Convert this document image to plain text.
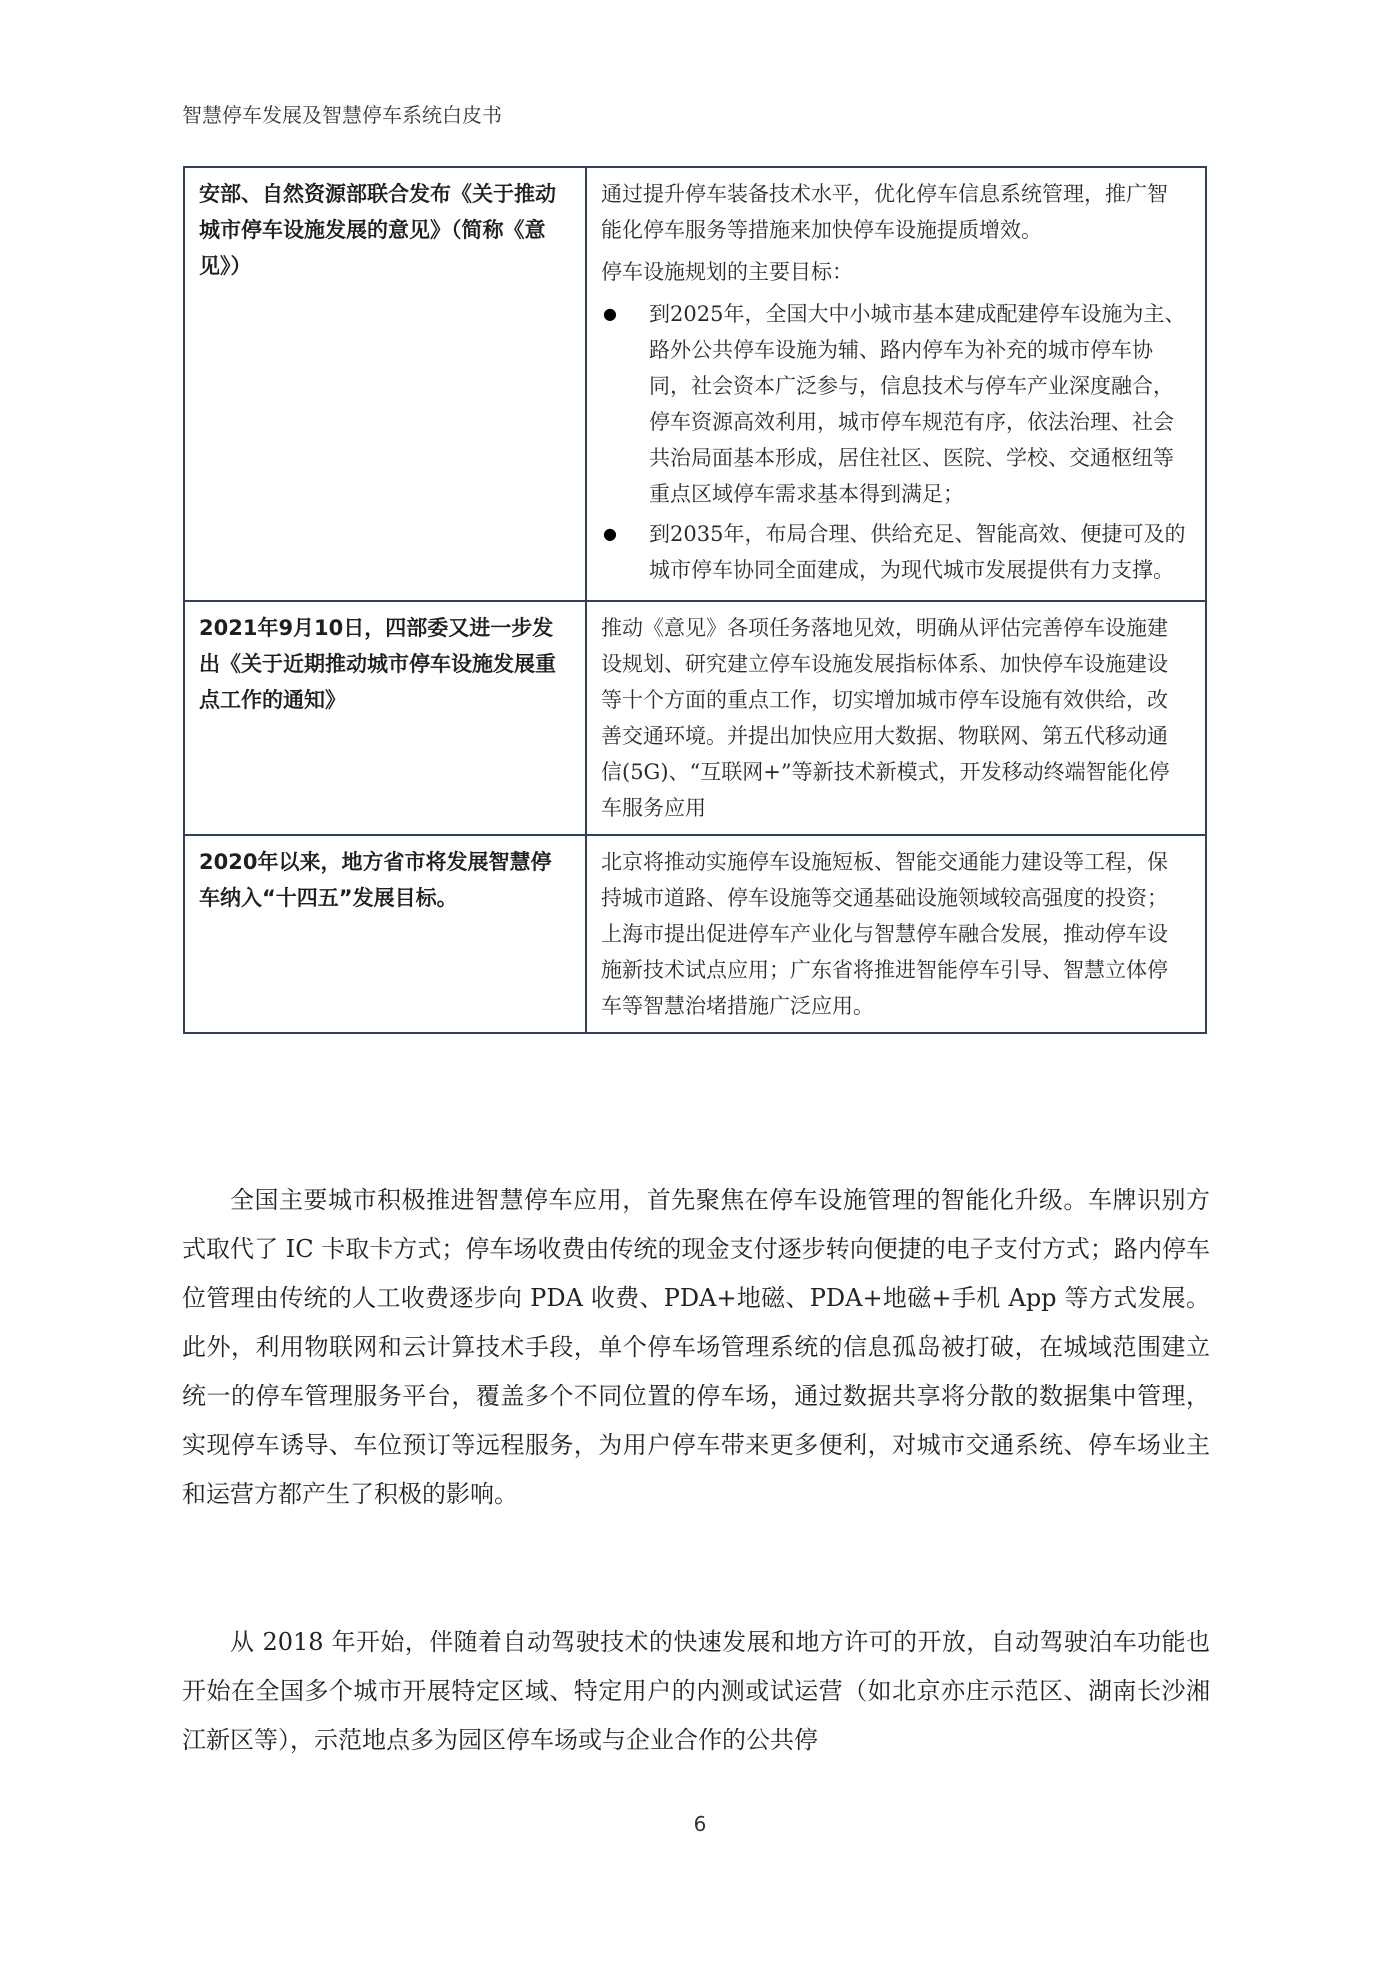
智慧停车发展及智慧停车系统白皮书
安部、自然资源部联合发布《关于推动城市停车设施发展的意见》（简称《意见》）

通过提升停车装备技术水平，优化停车信息系统管理，推广智能化停车服务等措施来加快停车设施提质增效。

停车设施规划的主要目标：

●	到2025年，全国大中小城市基本建成配建停车设施为主、路外公共停车设施为辅、路内停车为补充的城市停车协同，社会资本广泛参与，信息技术与停车产业深度融合，停车资源高效利用，城市停车规范有序，依法治理、社会共治局面基本形成，居住社区、医院、学校、交通枢纽等重点区域停车需求基本得到满足；
●	到2035年，布局合理、供给充足、智能高效、便捷可及的城市停车协同全面建成，为现代城市发展提供有力支撑。
2021年9月10日，四部委又进一步发出《关于近期推动城市停车设施发展重点工作的通知》
推动《意见》各项任务落地见效，明确从评估完善停车设施建设规划、研究建立停车设施发展指标体系、加快停车设施建设等十个方面的重点工作，切实增加城市停车设施有效供给，改善交通环境。并提出加快应用大数据、物联网、第五代移动通信(5G)、“互联网+”等新技术新模式，开发移动终端智能化停车服务应用
2020年以来，地方省市将发展智慧停车纳入“十四五”发展目标。
北京将推动实施停车设施短板、智能交通能力建设等工程，保持城市道路、停车设施等交通基础设施领域较高强度的投资；上海市提出促进停车产业化与智慧停车融合发展，推动停车设施新技术试点应用；广东省将推进智能停车引导、智慧立体停车等智慧治堵措施广泛应用。

全国主要城市积极推进智慧停车应用，首先聚焦在停车设施管理的智能化升级。车牌识别方式取代了 IC 卡取卡方式；停车场收费由传统的现金支付逐步转向便捷的电子支付方式；路内停车位管理由传统的人工收费逐步向 PDA 收费、PDA+地磁、PDA+地磁+手机 App 等方式发展。此外，利用物联网和云计算技术手段，单个停车场管理系统的信息孤岛被打破，在城域范围建立统一的停车管理服务平台，覆盖多个不同位置的停车场，通过数据共享将分散的数据集中管理，实现停车诱导、车位预订等远程服务，为用户停车带来更多便利，对城市交通系统、停车场业主和运营方都产生了积极的影响。

从 2018 年开始，伴随着自动驾驶技术的快速发展和地方许可的开放，自动驾驶泊车功能也开始在全国多个城市开展特定区域、特定用户的内测或试运营（如北京亦庄示范区、湖南长沙湘江新区等），示范地点多为园区停车场或与企业合作的公共停

6
